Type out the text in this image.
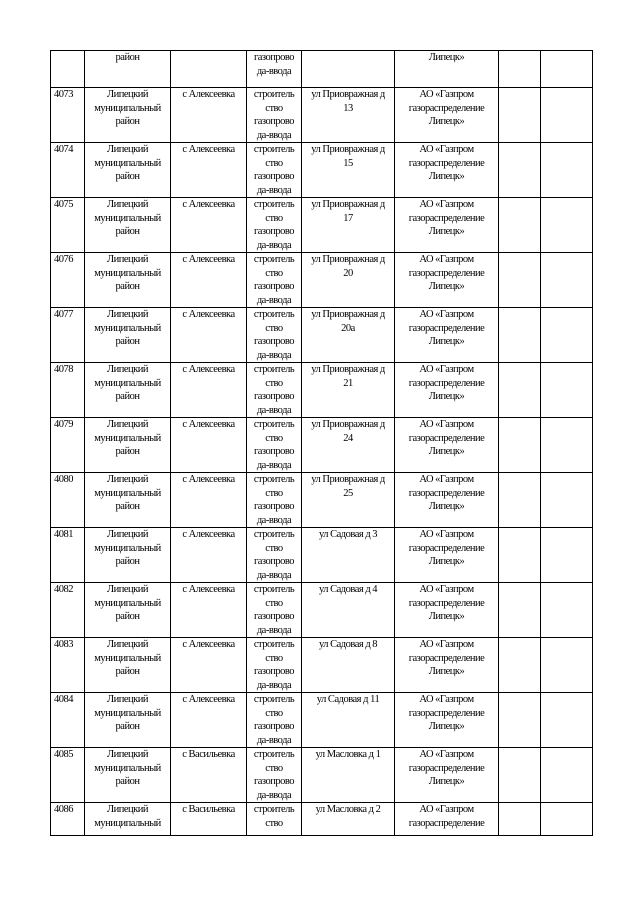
	район		газопрово
да-ввода		Липецк»		

4073	Липецкий
муниципальный
район	с Алексеевка	строитель
ство
газопрово
да-ввода	ул Приовражная д
13	АО «Газпром
газораспределение
Липецк»		

4074	Липецкий
муниципальный
район	с Алексеевка	строитель
ство
газопрово
да-ввода	ул Приовражная д
15	АО «Газпром
газораспределение
Липецк»		

4075	Липецкий
муниципальный
район	с Алексеевка	строитель
ство
газопрово
да-ввода	ул Приовражная д
17	АО «Газпром
газораспределение
Липецк»		

4076	Липецкий
муниципальный
район	с Алексеевка	строитель
ство
газопрово
да-ввода	ул Приовражная д
20	АО «Газпром
газораспределение
Липецк»		

4077	Липецкий
муниципальный
район	с Алексеевка	строитель
ство
газопрово
да-ввода	ул Приовражная д
20а	АО «Газпром
газораспределение
Липецк»		

4078	Липецкий
муниципальный
район	с Алексеевка	строитель
ство
газопрово
да-ввода	ул Приовражная д
21	АО «Газпром
газораспределение
Липецк»		

4079	Липецкий
муниципальный
район	с Алексеевка	строитель
ство
газопрово
да-ввода	ул Приовражная д
24	АО «Газпром
газораспределение
Липецк»		

4080	Липецкий
муниципальный
район	с Алексеевка	строитель
ство
газопрово
да-ввода	ул Приовражная д
25	АО «Газпром
газораспределение
Липецк»		

4081	Липецкий
муниципальный
район	с Алексеевка	строитель
ство
газопрово
да-ввода	ул Садовая д 3	АО «Газпром
газораспределение
Липецк»		

4082	Липецкий
муниципальный
район	с Алексеевка	строитель
ство
газопрово
да-ввода	ул Садовая д 4	АО «Газпром
газораспределение
Липецк»		

4083	Липецкий
муниципальный
район	с Алексеевка	строитель
ство
газопрово
да-ввода	ул Садовая д 8	АО «Газпром
газораспределение
Липецк»		

4084	Липецкий
муниципальный
район	с Алексеевка	строитель
ство
газопрово
да-ввода	ул Садовая д 11	АО «Газпром
газораспределение
Липецк»		

4085	Липецкий
муниципальный
район	с Васильевка	строитель
ство
газопрово
да-ввода	ул Масловка д 1	АО «Газпром
газораспределение
Липецк»		

4086	Липецкий
муниципальный	с Васильевка	строитель
ство	ул Масловка д 2	АО «Газпром
газораспределение		
